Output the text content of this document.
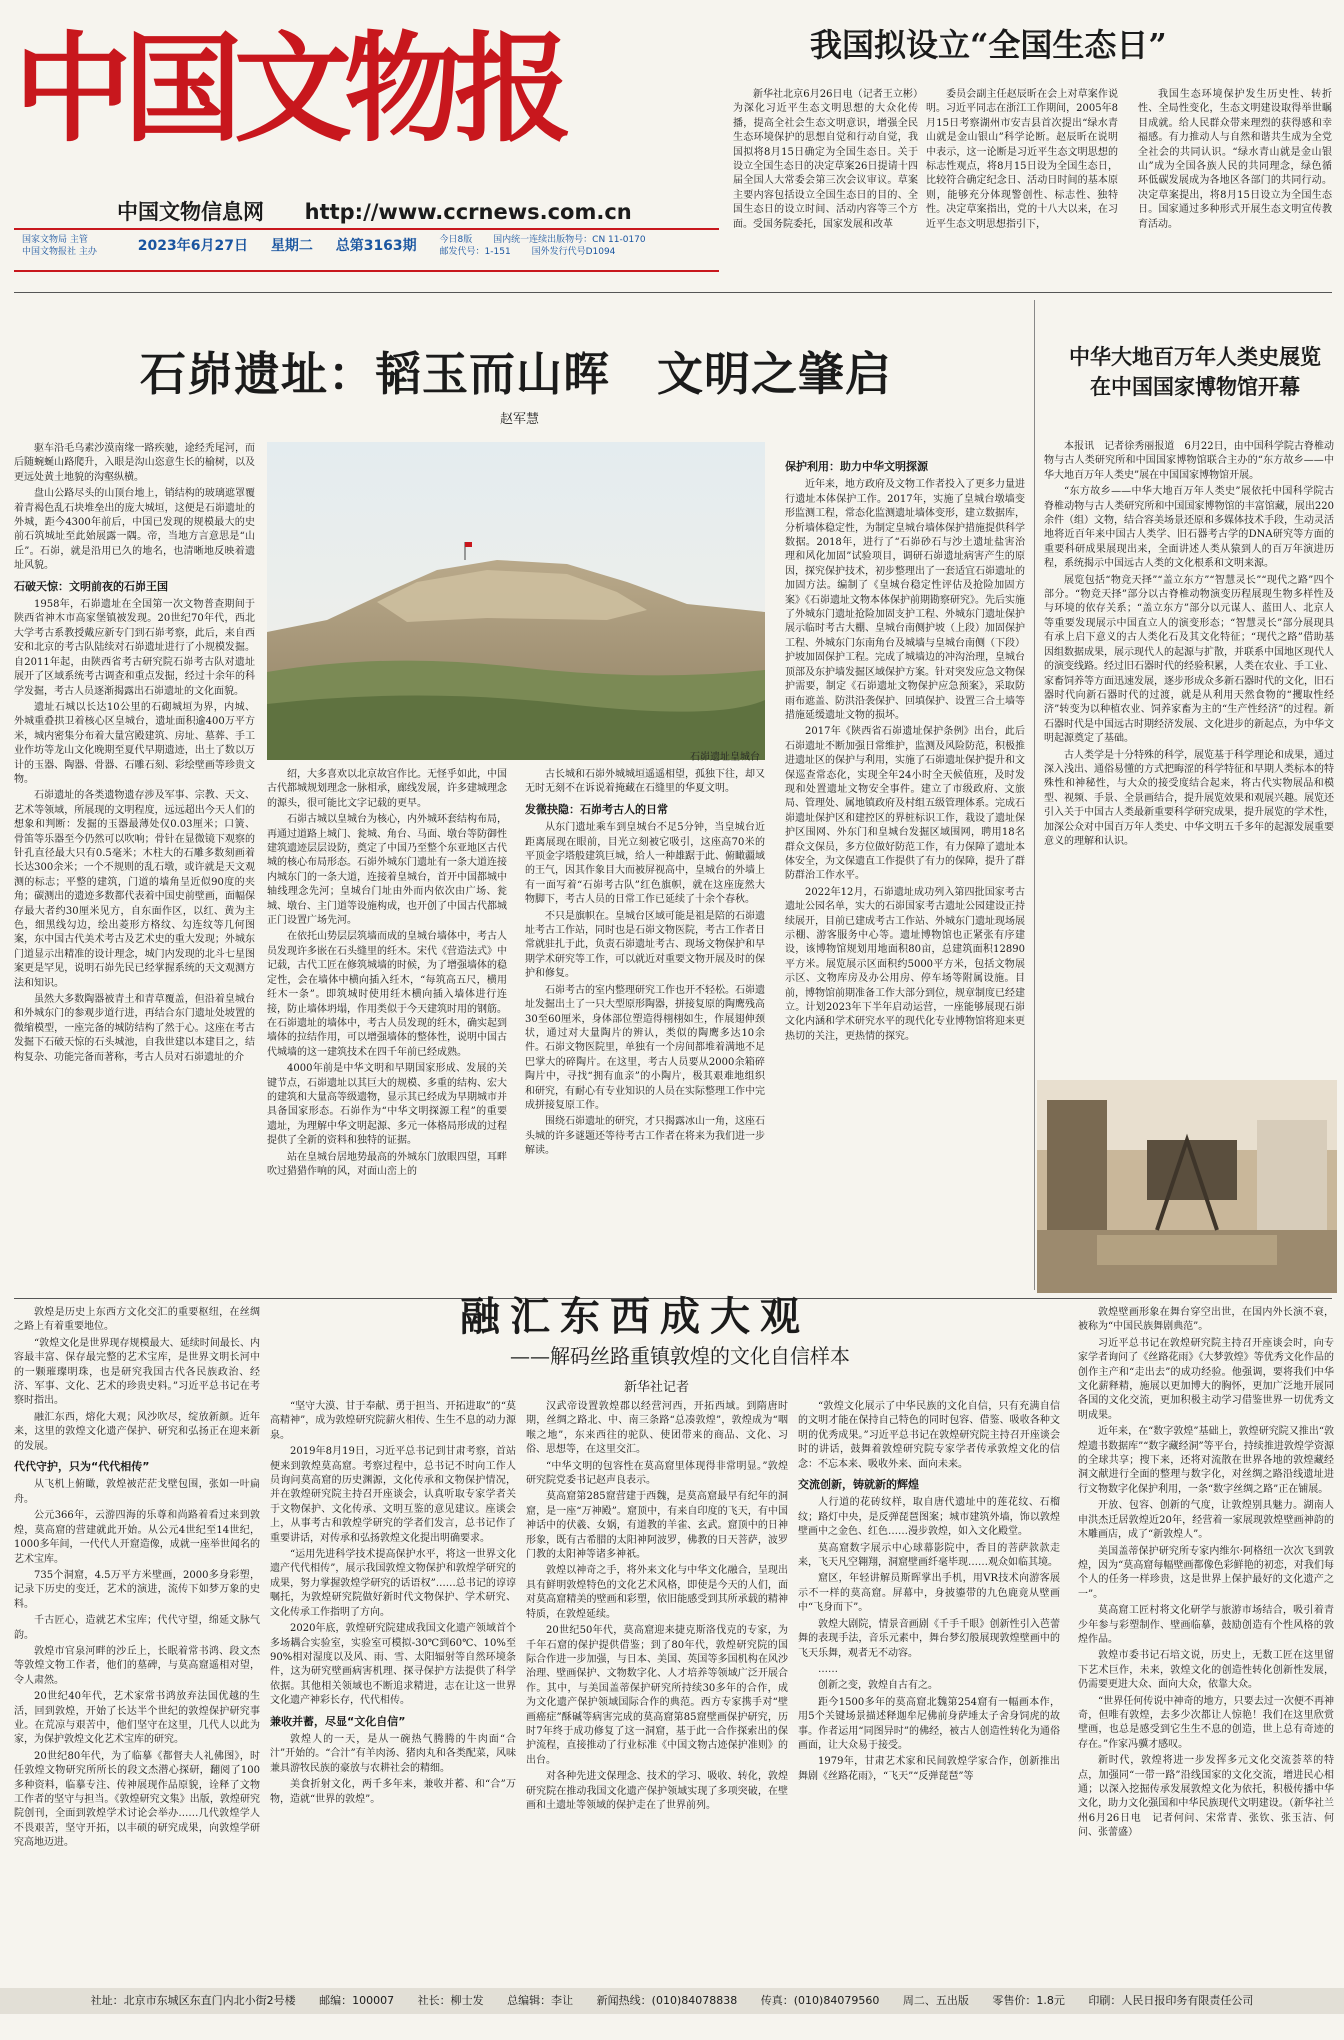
中国文物报
中国文物信息网 http://www.ccrnews.com.cn
国家文物局 主管
中国文物报社 主办	2023年6月27日 星期二 总第3163期	今日8版 国内统一连续出版物号：CN 11-0170
邮发代号：1-151 国外发行代号D1094
我国拟设立“全国生态日”

新华社北京6月26日电（记者王立彬）为深化习近平生态文明思想的大众化传播，提高全社会生态文明意识，增强全民生态环境保护的思想自觉和行动自觉，我国拟将8月15日确定为全国生态日。关于设立全国生态日的决定草案26日提请十四届全国人大常委会第三次会议审议。草案主要内容包括设立全国生态日的目的、全国生态日的设立时间、活动内容等三个方面。受国务院委托，国家发展和改革

委员会副主任赵辰昕在会上对草案作说明。习近平同志在浙江工作期间，2005年8月15日考察湖州市安吉县首次提出“绿水青山就是金山银山”科学论断。赵辰昕在说明中表示，这一论断是习近平生态文明思想的标志性观点，将8月15日设为全国生态日，比较符合确定纪念日、活动日时间的基本原则，能够充分体现警创性、标志性、独特性。决定草案指出，党的十八大以来，在习近平生态文明思想指引下，

我国生态环境保护发生历史性、转折性、全局性变化，生态文明建设取得举世瞩目成就。给人民群众带来理烈的获得感和幸福感。有力推动人与自然和谐共生成为全党全社会的共同认识。“绿水青山就是金山银山”成为全国各族人民的共同理念，绿色循环低碳发展成为各地区各部门的共同行动。决定草案提出，将8月15日设立为全国生态日。国家通过多种形式开展生态文明宣传教育活动。

石峁遗址：韬玉而山晖　文明之肇启
赵军慧
石峁遗址皇城台

驱车沿毛乌素沙漠南缘一路疾驰，途经秃尾河，而后随蜿蜒山路爬升，入眼是沟山恣意生长的榆树，以及更远处黄土地貌的沟壑纵横。

盘山公路尽头的山顶台地上，销结构的玻璃遮罩覆着青褐色乱石块堆垒出的庞大城垣，这便是石峁遗址的外城，距今4300年前后，中国已发现的规模最大的史前石筑城址至此始展露一隅。帝，当地方言意思是“山丘”。石峁，就是沿用已久的地名，也清晰地反映着遗址风貌。

石破天惊：文明前夜的石峁王国

1958年，石峁遗址在全国第一次文物普查期间于陕西省神木市高家堡镇被发现。20世纪70年代，西北大学考古系教授戴应新专门到石峁考察，此后，来自西安和北京的考古队陆续对石峁遗址进行了小规模发掘。自2011年起，由陕西省考古研究院石峁考古队对遗址展开了区域系统考古调查和重点发掘，经过十余年的科学发掘，考古人员逐渐揭露出石峁遗址的文化面貌。

遗址石城以长达10公里的石砌城垣为界，内城、外城重叠拱卫着核心区皇城台，遗址面积逾400万平方米，城内密集分布着大量宫殿建筑、房址、墓葬、手工业作坊等龙山文化晚期至夏代早期遗迹，出土了数以万计的玉器、陶器、骨器、石雕石刻、彩绘壁画等珍贵文物。

石峁遗址的各类遗物遗存涉及军事、宗教、天文、艺术等领域，所展现的文明程度，远远超出今天人们的想象和判断：发掘的玉器最薄处仅0.03厘米；口簧、骨笛等乐器至今仍然可以吹响；骨针在显微镜下观察的针孔直径最大只有0.5毫米；木柱大的石雕多数刻画着长达300余米；一个不规则的乱石墩，或许就是天文观测的标志；平整的建筑，门道的墙角呈近似90度的夹角；碳测出的遗迹多数都代表着中国史前壁画，面幅保存最大者约30厘米见方，自东面作区，以红、黄为主色，细黑线勾边，绘出菱形方格纹、勾连纹等几何图案，东中国古代美术考古及艺术史的重大发现；外城东门道显示出精准的设计理念，城门内发现的北斗七星图案更是罕见，说明石峁先民已经掌握系统的天文观测方法和知识。

虽然大多数陶器被青土和青草覆盖，但沿着皇城台和外城东门的参观步道行进，再结合东门遗址处坡置的微缩模型，一座完备的城防结构了然于心。这座在考古发掘下石破天惊的石头城池，自我世建以本建目之，结构复杂、功能完备而著称，考古人员对石峁遗址的介

绍，大多喜欢以北京故宫作比。无怪乎如此，中国古代都城规划理念一脉相承，廊线发展，许多建城理念的源头，很可能比文字记载的更早。

石峁古城以皇城台为核心，内外城环套结构布局，再通过道路上城门、瓮城、角台、马面、墩台等防御性建筑遗迹层层设防，奠定了中国乃至整个东亚地区古代城的核心布局形态。石峁外城东门遗址有一条大道连接内城东门的一条大道，连接着皇城台，首开中国都城中轴线理念先河；皇城台门址由外而内依次由广场、瓮城、墩台、主门道等设施构成，也开创了中国古代都城正门设置广场先河。

在依托山势层层筑墙而成的皇城台墙体中，考古人员发现许多嵌在石头缝里的纴木。宋代《营造法式》中记载，古代工匠在修筑城墙的时候，为了增强墙体的稳定性，会在墙体中横向插入纴木，“每筑高五尺，横用纴木一条”。即筑城时使用纴木横向插入墙体进行连接，防止墙体坍塌，作用类似于今天建筑时用的钢筋。在石峁遗址的墙体中，考古人员发现的纴木，确实起到墙体的拉结作用，可以增强墙体的整体性，说明中国古代城墙的这一建筑技术在四千年前已经成熟。

4000年前是中华文明和早期国家形成、发展的关键节点，石峁遗址以其巨大的规模、多重的结构、宏大的建筑和大量高等级遗物，显示其已经成为早期城市并具备国家形态。石峁作为“中华文明探源工程”的重要遗址，为理解中华文明起源、多元一体格局形成的过程提供了全新的资料和独特的证据。

站在皇城台居地势最高的外城东门放眼四望，耳畔吹过猎猎作响的风，对面山峦上的

古长城和石峁外城城垣遥遥相望，孤独下往，却又无时无刻不在诉说着掩藏在石缝里的华夏文明。

发微抉隐：石峁考古人的日常

从东门遗址乘车到皇城台不足5分钟，当皇城台近距离展现在眼前，目光立刻被它吸引，这座高70米的平顶金字塔般建筑巨城，给人一种雄踞于此、俯瞰疆域的王气，因其作象目大而被屏视高中，皇城台的外墙上有一面写着“石峁考古队”红色旗帜，就在这座庞然大物脚下，考古人员的日常工作已延续了十余个春秋。

不只是旗帜在。皇城台区域可能是祖是陪的石峁遗址考古工作站，同时也是石峁文物医院，考古工作者日常就驻扎于此，负责石峁遗址考古、现场文物保护和早期学术研究等工作，可以就近对重要文物开展及时的保护和修复。

石峁考古的室内整理研究工作也开不轻松。石峁遗址发掘出土了一只大型原形陶器，拼接复原的陶鹰残高30至60厘米，身体部位塑造得栩栩如生，作展翅伸颈状，通过对大量陶片的辨认，类似的陶鹰多达10余件。石峁文物医院里，单独有一个房间都堆着满地不足巴掌大的碎陶片。在这里，考古人员要从2000余箱碎陶片中，寻找“拥有血亲”的小陶片，极其艰难地组织和研究，有耐心有专业知识的人员在实际整理工作中完成拼接复原工作。

围绕石峁遗址的研究，才只揭露冰山一角，这座石头城的许多谜题还等待考古工作者在将来为我们进一步解读。

保护利用：助力中华文明探源

近年来，地方政府及文物工作者投入了更多力量进行遗址本体保护工作。2017年，实施了皇城台墩墙变形监测工程，常态化监测遗址墙体变形，建立数据库，分析墙体稳定性，为制定皇城台墙体保护措施提供科学数据。2018年，进行了“石峁砂石与沙土遗址盐害治理和风化加固”试验项目，调研石峁遗址病害产生的原因，探究保护技术，初步整理出了一套适宜石峁遗址的加固方法。编制了《皇城台稳定性评估及抢险加固方案》《石峁遗址文物本体保护前期勘察研究》。先后实施了外城东门遗址抢险加固支护工程、外城东门遗址保护展示临时考古大棚、皇城台南侧护坡（上段）加固保护工程、外城东门东南角台及城墙与皇城台南侧（下段）护坡加固保护工程。完成了城墙边的冲沟治理，皇城台顶部及东护墙发掘区域保护方案。针对突发应急文物保护需要，制定《石峁遗址文物保护应急预案》，采取防雨布遮盖、防洪沿袭保护、回填保护、设置三合土墙等措施延缓遗址文物的损坏。

2017年《陕西省石峁遗址保护条例》出台，此后石峁遗址不断加强日常维护，监测及风险防范，积极推进遗址区的保护与利用，实施了石峁遗址保护提升和文保巡查常态化，实现全年24小时全天候值班，及时发现和处置遗址文物安全事件。建立了市级政府、文旅局、管理处、属地镇政府及村组五级管理体系。完成石峁遗址保护区和建控区的界桩标识工作，栽设了遗址保护区围网、外东门和皇城台发掘区域围网，聘用18名群众文保员，多方位做好防范工作，有力保障了遗址本体安全，为文保遗直工作提供了有力的保障，提升了群防群治工作水平。

2022年12月，石峁遗址成功列入第四批国家考古遗址公园名单，实大的石峁国家考古遗址公园建设正持续展开，目前已建成考古工作站、外城东门遗址现场展示棚、游客服务中心等。遗址博物馆也正紧张有序建设，该博物馆规划用地面积80亩，总建筑面积12890平方米。展览展示区面积约5000平方米，包括文物展示区、文物库房及办公用房、停车场等附属设施。目前，博物馆前期准备工作大部分到位，规章制度已经建立。计划2023年下半年启动运营，一座能够展现石峁文化内涵和学术研究水平的现代化专业博物馆将迎来更热切的关注，更热情的探究。

中华大地百万年人类史展览在中国国家博物馆开幕

本报讯　记者徐秀丽报道　6月22日，由中国科学院古脊椎动物与古人类研究所和中国国家博物馆联合主办的“东方故乡——中华大地百万年人类史”展在中国国家博物馆开展。

“东方故乡——中华大地百万年人类史”展依托中国科学院古脊椎动物与古人类研究所和中国国家博物馆的丰富馆藏，展出220余件（组）文物，结合容美场景还原和多媒体技术手段，生动灵活地将近百年来中国古人类学、旧石器考古学的DNA研究等方面的重要科研成果展现出来，全面讲述人类从猿到人的百万年演进历程，系统揭示中国远古人类的文化根系和文明来源。

展览包括“物竞天择”“盖立东方”“智慧灵长”“现代之路”四个部分。“物竞天择”部分以古脊椎动物演变历程展现生物多样性及与环境的依存关系；“盖立东方”部分以元谋人、蓝田人、北京人等重要发现展示中国直立人的演变形态；“智慧灵长”部分展现具有承上启下意义的古人类化石及其文化特征；“现代之路”借助基因组数据成果，展示现代人的起源与扩散，并联系中国地区现代人的演变线路。经过旧石器时代的经验积累，人类在农业、手工业、家畜饲养等方面迅速发展，逐步形成众多新石器时代的文化，旧石器时代向新石器时代的过渡，就是从利用天然食物的“攫取性经济”转变为以种植农业、饲养家畜为主的“生产性经济”的过程。新石器时代是中国远古时期经济发展、文化进步的新起点，为中华文明起源奠定了基础。

古人类学是十分特殊的科学，展览基于科学理论和成果，通过深入浅出、通俗易懂的方式把晦涩的科学特征和早期人类标本的特殊性和神秘性，与大众的接受度结合起来，将古代实物展品和模型、视频、手景、全景画结合，提升展览效果和观展兴趣。展览还引入关于中国古人类最新重要科学研究成果，提升展览的学术性，加深公众对中国百万年人类史、中华文明五千多年的起源发展重要意义的理解和认识。

融汇东西成大观
——解码丝路重镇敦煌的文化自信样本
新华社记者

敦煌是历史上东西方文化交汇的重要枢纽，在丝绸之路上有着重要地位。

“敦煌文化是世界现存规模最大、延续时间最长、内容最丰富、保存最完整的艺术宝库，是世界文明长河中的一颗璀璨明珠，也是研究我国古代各民族政治、经济、军事、文化、艺术的珍贵史料。”习近平总书记在考察时指出。

融汇东西，熔化大观；风沙吹尽，绽放新颜。近年来，这里的敦煌文化遗产保护、研究和弘扬正在迎来新的发展。

代代守护，只为“代代相传”

从飞机上俯瞰，敦煌被茫茫戈壁包围，张如一叶扁舟。

公元366年，云游四海的乐尊和尚路着看过来到敦煌，莫高窟的营建就此开始。从公元4世纪至14世纪，1000多年间，一代代人开窟造像，成就一座举世闻名的艺术宝库。

735个洞窟，4.5万平方米壁画，2000多身彩塑，记录下历史的变迁，艺术的演进，流传下如梦万象的史料。

千古匠心，造就艺术宝库；代代守望，绵延文脉气韵。

敦煌市官泉河畔的沙丘上，长眠着常书鸿、段文杰等敦煌文物工作者，他们的墓碑，与莫高窟遥相对望，令人肃然。

20世纪40年代，艺术家常书鸿放弃法国优越的生活，回到敦煌，开始了长达半个世纪的敦煌保护研究事业。在荒凉与艰苦中，他们坚守在这里，几代人以此为家，为保护敦煌文化艺术宝库的研究。

20世纪80年代，为了临摹《都督夫人礼佛图》，时任敦煌文物研究所所长的段文杰潜心探研，翻阅了100多种资料，临摹专注、传神展现作品原貌，诠释了文物工作者的坚守与担当。《敦煌研究文集》出版，敦煌研究院创刊，全面到敦煌学术讨论会举办……几代敦煌学人不畏艰苦，坚守开拓，以丰硕的研究成果，向敦煌学研究高地迈进。

“坚守大漠、甘于奉献、勇于担当、开拓进取”的“莫高精神”，成为敦煌研究院薪火相传、生生不息的动力源泉。

2019年8月19日，习近平总书记到甘肃考察，首站便来到敦煌莫高窟。考察过程中，总书记不时向工作人员询问莫高窟的历史渊源，文化传承和文物保护情况，并在敦煌研究院主持召开座谈会，认真听取专家学者关于文物保护、文化传承、文明互鉴的意见建议。座谈会上，从事考古和敦煌学研究的学者们发言，总书记作了重要讲话，对传承和弘扬敦煌文化提出明确要求。

“运用先进科学技术提高保护水平，将这一世界文化遗产代代相传”，展示我国敦煌文物保护和敦煌学研究的成果，努力掌握敦煌学研究的话语权”……总书记的谆谆嘱托，为敦煌研究院做好新时代文物保护、学术研究、文化传承工作指明了方向。

2020年底，敦煌研究院建成我国文化遗产领域首个多场耦合实验室，实验室可模拟-30℃到60℃、10%至90%相对湿度以及风、雨、雪、太阳辐射等自然环境条件，这为研究壁画病害机理、探寻保护方法提供了科学依据。其他相关领域也不断追求精进，志在让这一世界文化遗产神彩长存，代代相传。

兼收并蓄，尽显“文化自信”

敦煌人的一天，是从一碗热气腾腾的牛肉面“合汁”开始的。“合汁”有羊肉汤、猪肉丸和各类配菜，风味兼具游牧民族的豪放与农耕社会的精细。

美食折射文化，两千多年来，兼收并蓄、和“合”万物，造就“世界的敦煌”。

汉武帝设置敦煌郡以经营河西，开拓西域。到隋唐时期，丝绸之路北、中、南三条路“总凑敦煌”，敦煌成为“咽喉之地”，东来西往的驼队、使团带来的商品、文化、习俗、思想等，在这里交汇。

“中华文明的包容性在莫高窟里体现得非常明显。”敦煌研究院党委书记赵声良表示。

莫高窟第285窟营建于西魏，是莫高窟最早有纪年的洞窟，是一座“万神殿”。窟顶中，有来自印度的飞天，有中国神话中的伏羲、女娲，有道教的羊雀、玄武。窟顶中的日神形象，既有古希腊的太阳神阿波罗，佛教的日天菩萨，波罗门教的太阳神等诸多神祇。

敦煌以神奇之手，将外来文化与中华文化融合，呈现出具有鲜明敦煌特色的文化艺术风格，即使是今天的人们，面对莫高窟精美的壁画和彩塑，依旧能感受到其所承载的精神特质，在敦煌延续。

20世纪50年代，莫高窟迎来捷克斯洛伐克的专家，为千年石窟的保护提供借鉴；到了80年代，敦煌研究院的国际合作进一步加强，与日本、美国、英国等多国机构在风沙治理、壁画保护、文物数字化、人才培养等领域广泛开展合作。其中，与美国盖蒂保护研究所持续30多年的合作，成为文化遗产保护领域国际合作的典范。西方专家携手对“壁画癌症”酥碱等病害完成的莫高窟第85窟壁画保护研究，历时7年终于成功修复了这一洞窟，基于此一合作探索出的保护流程，直接推动了行业标准《中国文物古迹保护准则》的出台。

对各种先进文保理念、技术的学习、吸收、转化，敦煌研究院在推动我国文化遗产保护领域实现了多项突破，在壁画和土遗址等领域的保护走在了世界前列。

“敦煌文化展示了中华民族的文化自信，只有充满自信的文明才能在保持自己特色的同时包容、借鉴、吸收各种文明的优秀成果。”习近平总书记在敦煌研究院主持召开座谈会时的讲话，鼓舞着敦煌研究院专家学者传承敦煌文化的信念：不忘本来、吸收外来、面向未来。

交流创新，铸就新的辉煌

人行道的花砖纹样，取自唐代遗址中的莲花纹、石榴纹；路灯中央，是反弹琵琶图案；城市建筑外墙，饰以敦煌壁画中之金色、红色……漫步敦煌，如入文化殿堂。

莫高窟数字展示中心球幕影院中，香目的菩萨款款走来，飞天凡空翱翔，洞窟壁画纤毫毕现……观众如临其境。

窟区，年轻讲解员斯晖掌出手机，用VR技术向游客展示不一样的莫高窟。屏幕中，身披鎏带的九色鹿竟从壁画中“飞身而下”。

敦煌大剧院，情景音画剧《千手千眼》创新性引入芭蕾舞的表现手法，音乐元素中，舞台梦幻般展现敦煌壁画中的飞天乐舞，观者无不动容。

……

创新之变，敦煌自古有之。

距今1500多年的莫高窟北魏第254窟有一幅画本作，用5个关键场景描述释迦牟尼佛前身萨埵太子舍身饲虎的故事。作者运用“同图异时”的佛经，被古人创造性转化为通俗画面，让大众易于接受。

1979年，甘肃艺术家和民间敦煌学家合作，创新推出舞剧《丝路花雨》，“飞天”“反弹琵琶”等

敦煌壁画形象在舞台穿空出世，在国内外长演不衰，被称为“中国民族舞剧典范”。

习近平总书记在敦煌研究院主持召开座谈会时，向专家学者询问了《丝路花雨》《大梦敦煌》等优秀文化作品的创作主产和“走出去”的成功经验。他强调，要将我们中华文化薪释精，施展以更加博大的胸怀，更加广泛地开展同各国的文化交流，更加积极主动学习借鉴世界一切优秀文明成果。

近年来，在“数字敦煌”基础上，敦煌研究院又推出“敦煌遗书数据库”“数字藏经洞”等平台，持续推进敦煌学资源的全球共享；搜下来，还将对流散在世界各地的敦煌藏经洞文献进行全面的整理与数字化，对丝绸之路沿线遗址进行文物数字化保护利用，一条“数字丝绸之路”正在铺展。

开放、包容、创新的气度，让敦煌别具魅力。湖南人申洪杰迁居敦煌近20年，经营着一家展现敦煌壁画神韵的木雕画店，成了“新敦煌人”。

美国盖蒂保护研究所专家内维尔·阿格纽一次次飞到敦煌，因为“莫高窟每幅壁画都像色彩鲜艳的初恋，对我们每个人的任务一样珍贵，这是世界上保护最好的文化遗产之一”。

莫高窟工匠村将文化研学与旅游市场结合，吸引着青少年参与彩塑制作、壁画临摹，鼓励创造有个性风格的敦煌作品。

敦煌市委书记石培文说，历史上，无数工匠在这里留下艺术巨作，未来，敦煌文化的创造性转化创新性发展，仍需要更进大众、面向大众，依靠大众。

“世界任何传说中神奇的地方，只要去过一次便不再神奇，但唯有敦煌，去多少次都让人惊艳！我们在这里欣赏壁画，也总是感受到它生生不息的创造，世上总有奇迹的存在。”作家冯骥才感叹。

新时代，敦煌将进一步发挥多元文化交流荟萃的特点，加强同“一带一路”沿线国家的文化交流，增进民心相通；以深入挖掘传承发展敦煌文化为依托，积极传播中华文化，助力文化强国和中华民族现代文明建设。（新华社兰州6月26日电　记者何问、宋常青、张钦、张玉洁、何问、张蕾盛）

社址：北京市东城区东直门内北小街2号楼 邮编：100007 社长：柳士发 总编辑：李让 新闻热线：(010)84078838 传真：(010)84079560 周二、五出版 零售价：1.8元 印刷：人民日报印务有限责任公司
